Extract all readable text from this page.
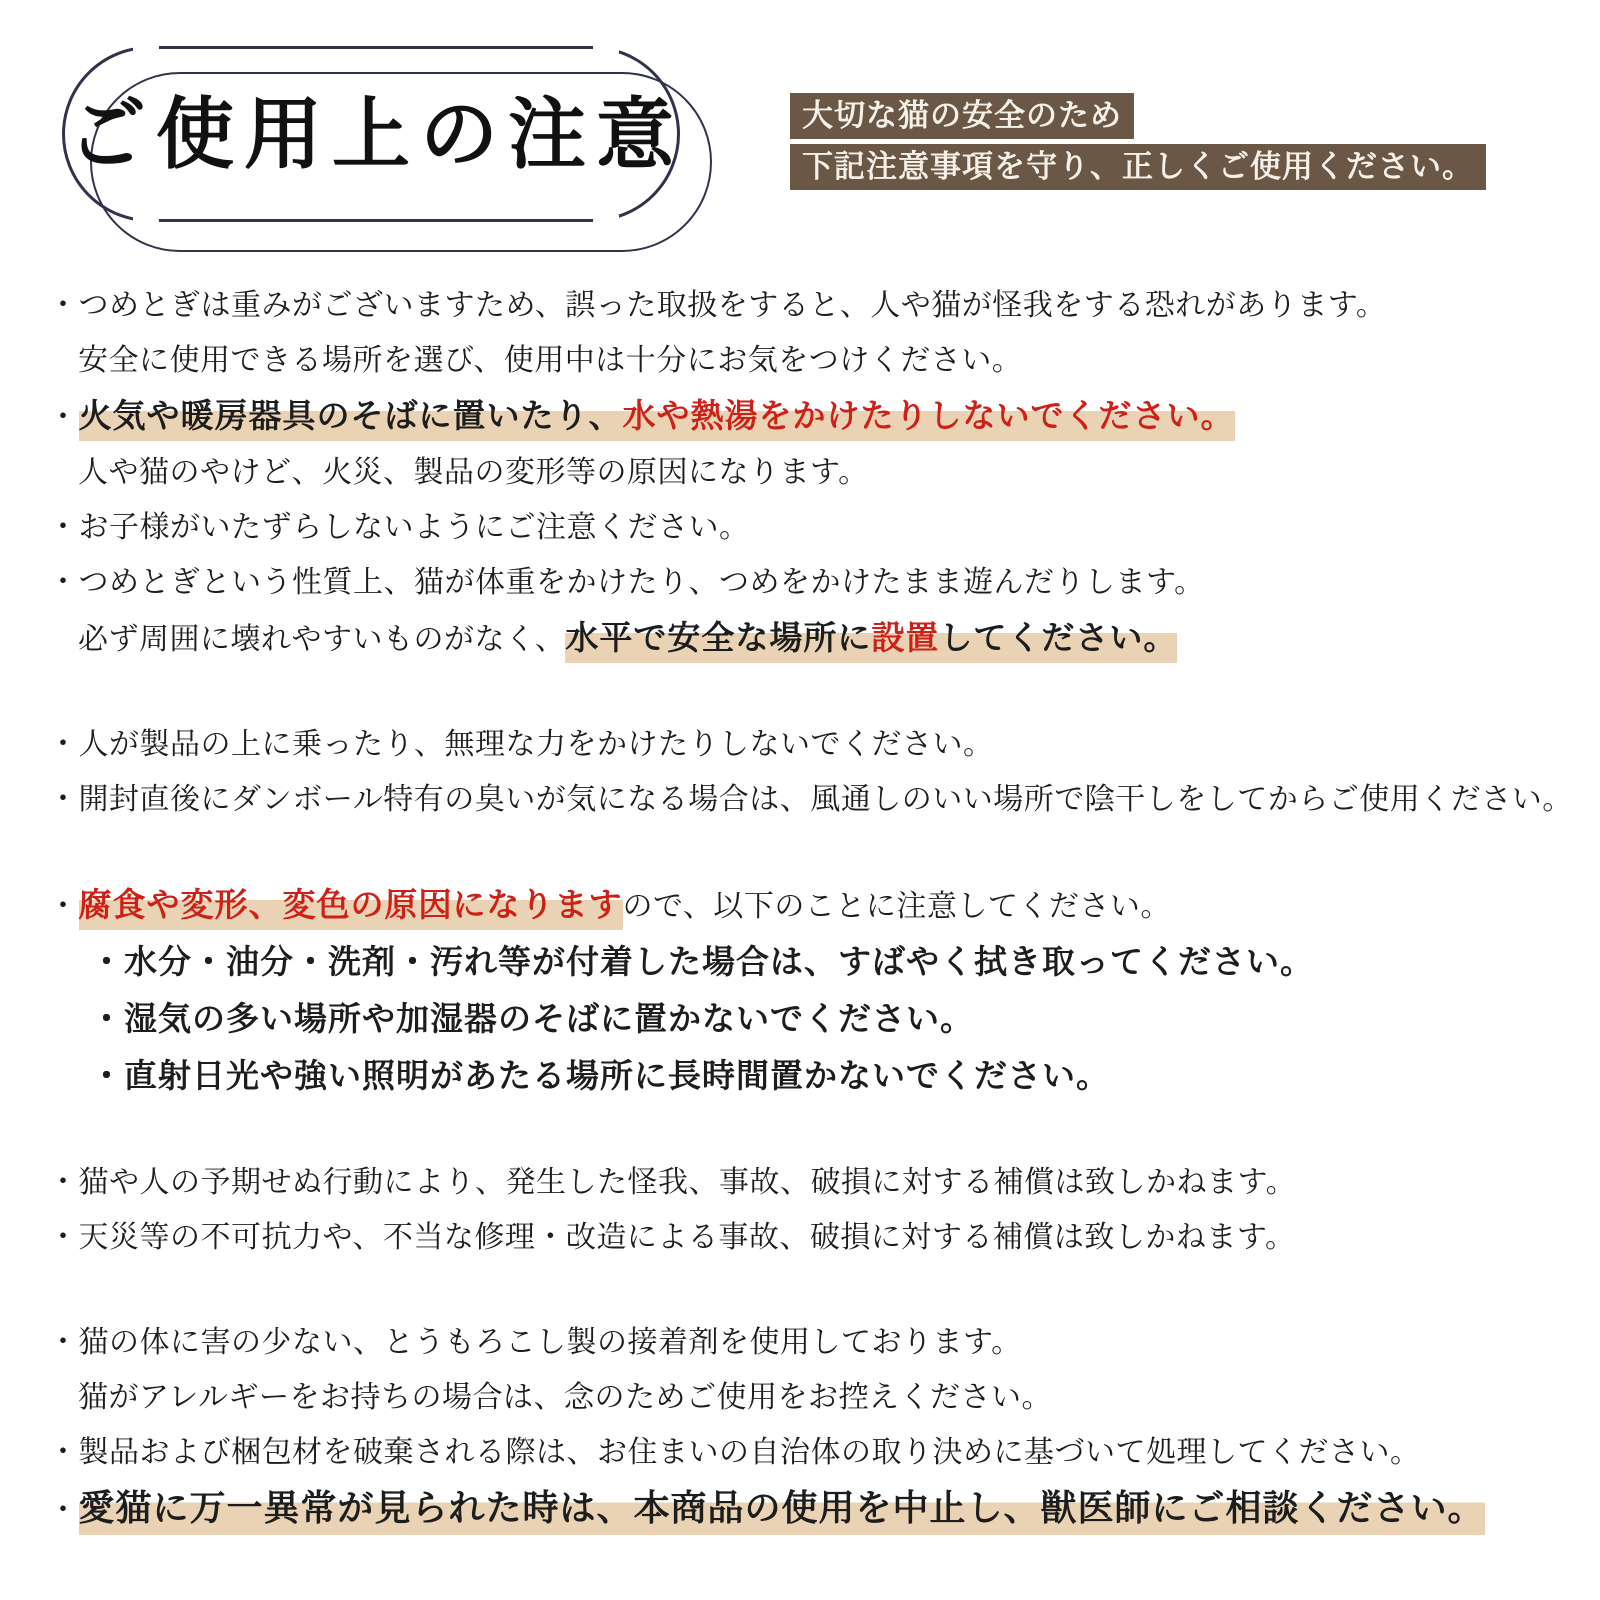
ご使用上の注意	大切な猫の安全のため
下記注意事項を守り、正しくご使用ください。
・つめとぎは重みがございますため、誤った取扱をすると、人や猫が怪我をする恐れがあります。
安全に使用できる場所を選び、使用中は十分にお気をつけください。
・火気や暖房器具のそばに置いたり、水や熱湯をかけたりしないでください。
人や猫のやけど、火災、製品の変形等の原因になります。
・お子様がいたずらしないようにご注意ください。
・つめとぎという性質上、猫が体重をかけたり、つめをかけたまま遊んだりします。
必ず周囲に壊れやすいものがなく、水平で安全な場所に設置してください。
・人が製品の上に乗ったり、無理な力をかけたりしないでください。
・開封直後にダンボール特有の臭いが気になる場合は、風通しのいい場所で陰干しをしてからご使用ください。
・腐食や変形、変色の原因になりますので、以下のことに注意してください。
・水分・油分・洗剤・汚れ等が付着した場合は、すばやく拭き取ってください。
・湿気の多い場所や加湿器のそばに置かないでください。
・直射日光や強い照明があたる場所に長時間置かないでください。
・猫や人の予期せぬ行動により、発生した怪我、事故、破損に対する補償は致しかねます。
・天災等の不可抗力や、不当な修理・改造による事故、破損に対する補償は致しかねます。
・猫の体に害の少ない、とうもろこし製の接着剤を使用しております。
猫がアレルギーをお持ちの場合は、念のためご使用をお控えください。
・製品および梱包材を破棄される際は、お住まいの自治体の取り決めに基づいて処理してください。
・愛猫に万一異常が見られた時は、本商品の使用を中止し、獣医師にご相談ください。
